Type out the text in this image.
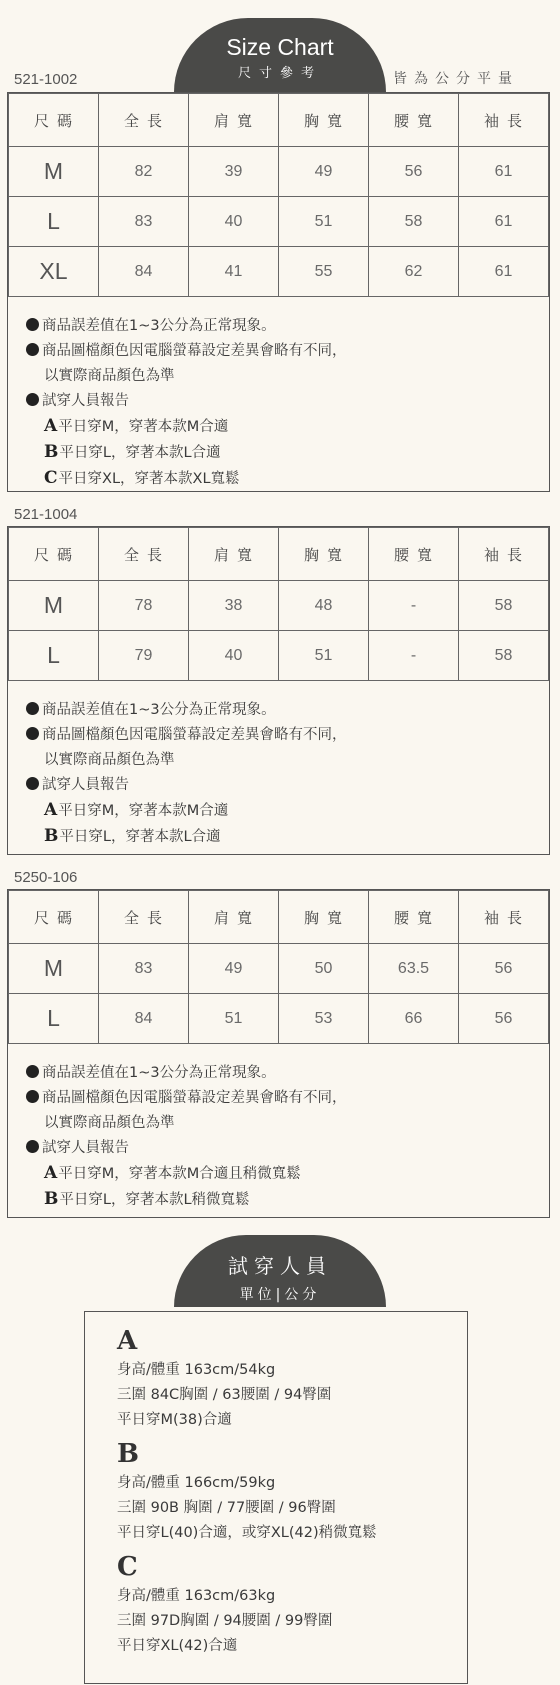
Size Chart
尺寸參考	皆為公分平量
521-1002
尺碼	全長	肩寬	胸寬	腰寬	袖長
M	82	39	49	56	61
L	83	40	51	58	61
XL	84	41	55	62	61
商品誤差值在1~3公分為正常現象。
商品圖檔顏色因電腦螢幕設定差異會略有不同，
以實際商品顏色為準
試穿人員報告
A平日穿M，穿著本款M合適
B平日穿L，穿著本款L合適
C平日穿XL，穿著本款XL寬鬆
521-1004
尺碼	全長	肩寬	胸寬	腰寬	袖長
M	78	38	48	-	58
L	79	40	51	-	58
商品誤差值在1~3公分為正常現象。
商品圖檔顏色因電腦螢幕設定差異會略有不同，
以實際商品顏色為準
試穿人員報告
A平日穿M，穿著本款M合適
B平日穿L，穿著本款L合適
5250-106
尺碼	全長	肩寬	胸寬	腰寬	袖長
M	83	49	50	63.5	56
L	84	51	53	66	56
商品誤差值在1~3公分為正常現象。
商品圖檔顏色因電腦螢幕設定差異會略有不同，
以實際商品顏色為準
試穿人員報告
A平日穿M，穿著本款M合適且稍微寬鬆
B平日穿L，穿著本款L稍微寬鬆
試穿人員
單位|公分
A
身高/體重 163cm/54kg
三圍 84C胸圍 / 63腰圍 / 94臀圍
平日穿M(38)合適
B
身高/體重 166cm/59kg
三圍 90B 胸圍 / 77腰圍 / 96臀圍
平日穿L(40)合適，或穿XL(42)稍微寬鬆
C
身高/體重 163cm/63kg
三圍 97D胸圍 / 94腰圍 / 99臀圍
平日穿XL(42)合適
